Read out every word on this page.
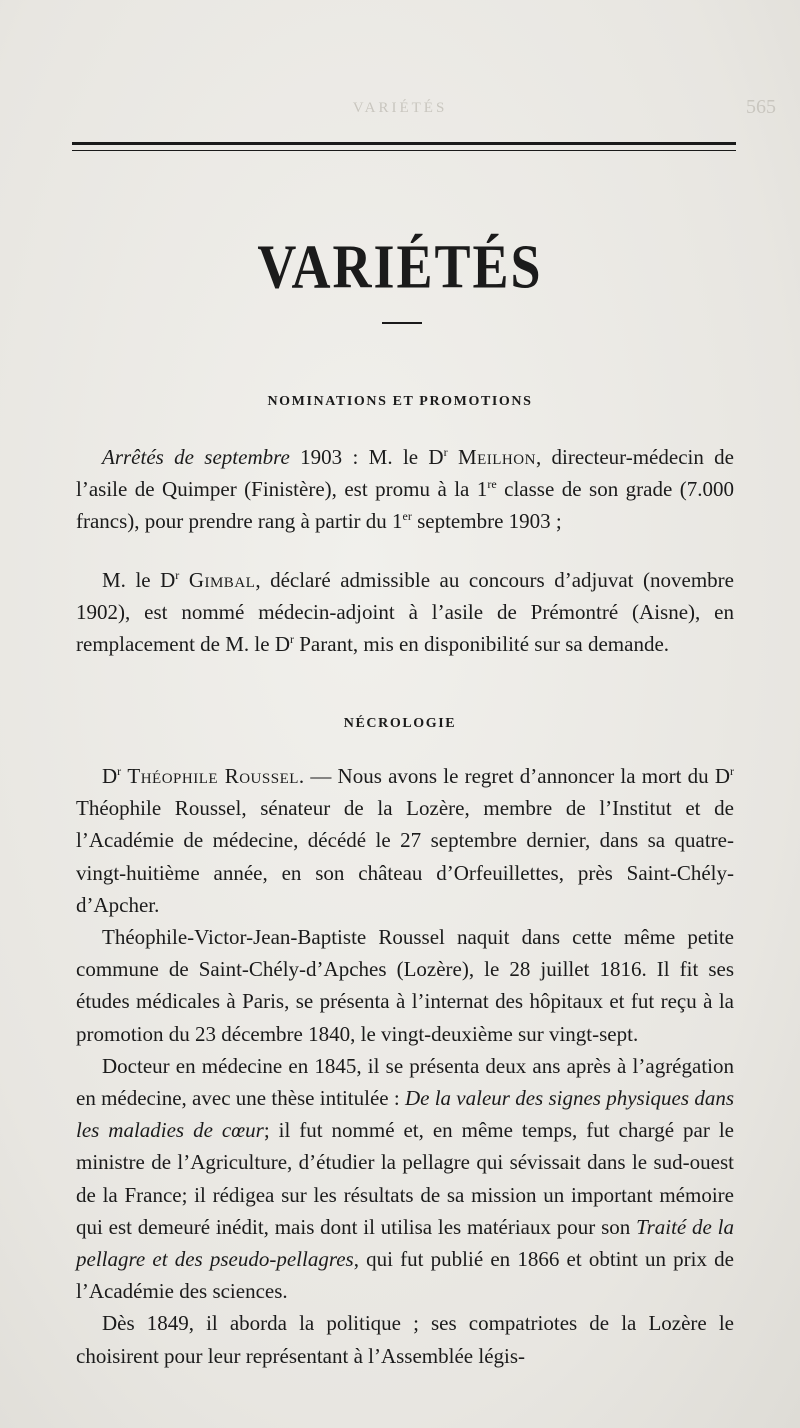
VARIÉTÉS	565
VARIÉTÉS
NOMINATIONS ET PROMOTIONS

Arrêtés de septembre 1903 : M. le $D^r$ Meilhon, directeur-médecin de l’asile de Quimper (Finistère), est promu à la 1re classe de son grade (7.000 francs), pour prendre rang à partir du 1er septembre 1903 ;

M. le $D^r$ Gimbal, déclaré admissible au concours d’adjuvat (novembre 1902), est nommé médecin-adjoint à l’asile de Prémontré (Aisne), en remplacement de M. le $D^r$ Parant, mis en disponibilité sur sa demande.

NÉCROLOGIE

$D^r$ Théophile Roussel. — Nous avons le regret d’annoncer la mort du $D^r$ Théophile Roussel, sénateur de la Lozère, membre de l’Institut et de l’Académie de médecine, décédé le 27 septembre dernier, dans sa quatre-vingt-huitième année, en son château d’Orfeuillettes, près Saint-Chély-d’Apcher.

Théophile-Victor-Jean-Baptiste Roussel naquit dans cette même petite commune de Saint-Chély-d’Apches (Lozère), le 28 juillet 1816. Il fit ses études médicales à Paris, se présenta à l’internat des hôpitaux et fut reçu à la promotion du 23 décembre 1840, le vingt-deuxième sur vingt-sept.

Docteur en médecine en 1845, il se présenta deux ans après à l’agrégation en médecine, avec une thèse intitulée : De la valeur des signes physiques dans les maladies de cœur; il fut nommé et, en même temps, fut chargé par le ministre de l’Agriculture, d’étudier la pellagre qui sévissait dans le sud-ouest de la France; il rédigea sur les résultats de sa mission un important mémoire qui est demeuré inédit, mais dont il utilisa les matériaux pour son Traité de la pellagre et des pseudo-pellagres, qui fut publié en 1866 et obtint un prix de l’Académie des sciences.

Dès 1849, il aborda la politique ; ses compatriotes de la Lozère le choisirent pour leur représentant à l’Assemblée légis-
